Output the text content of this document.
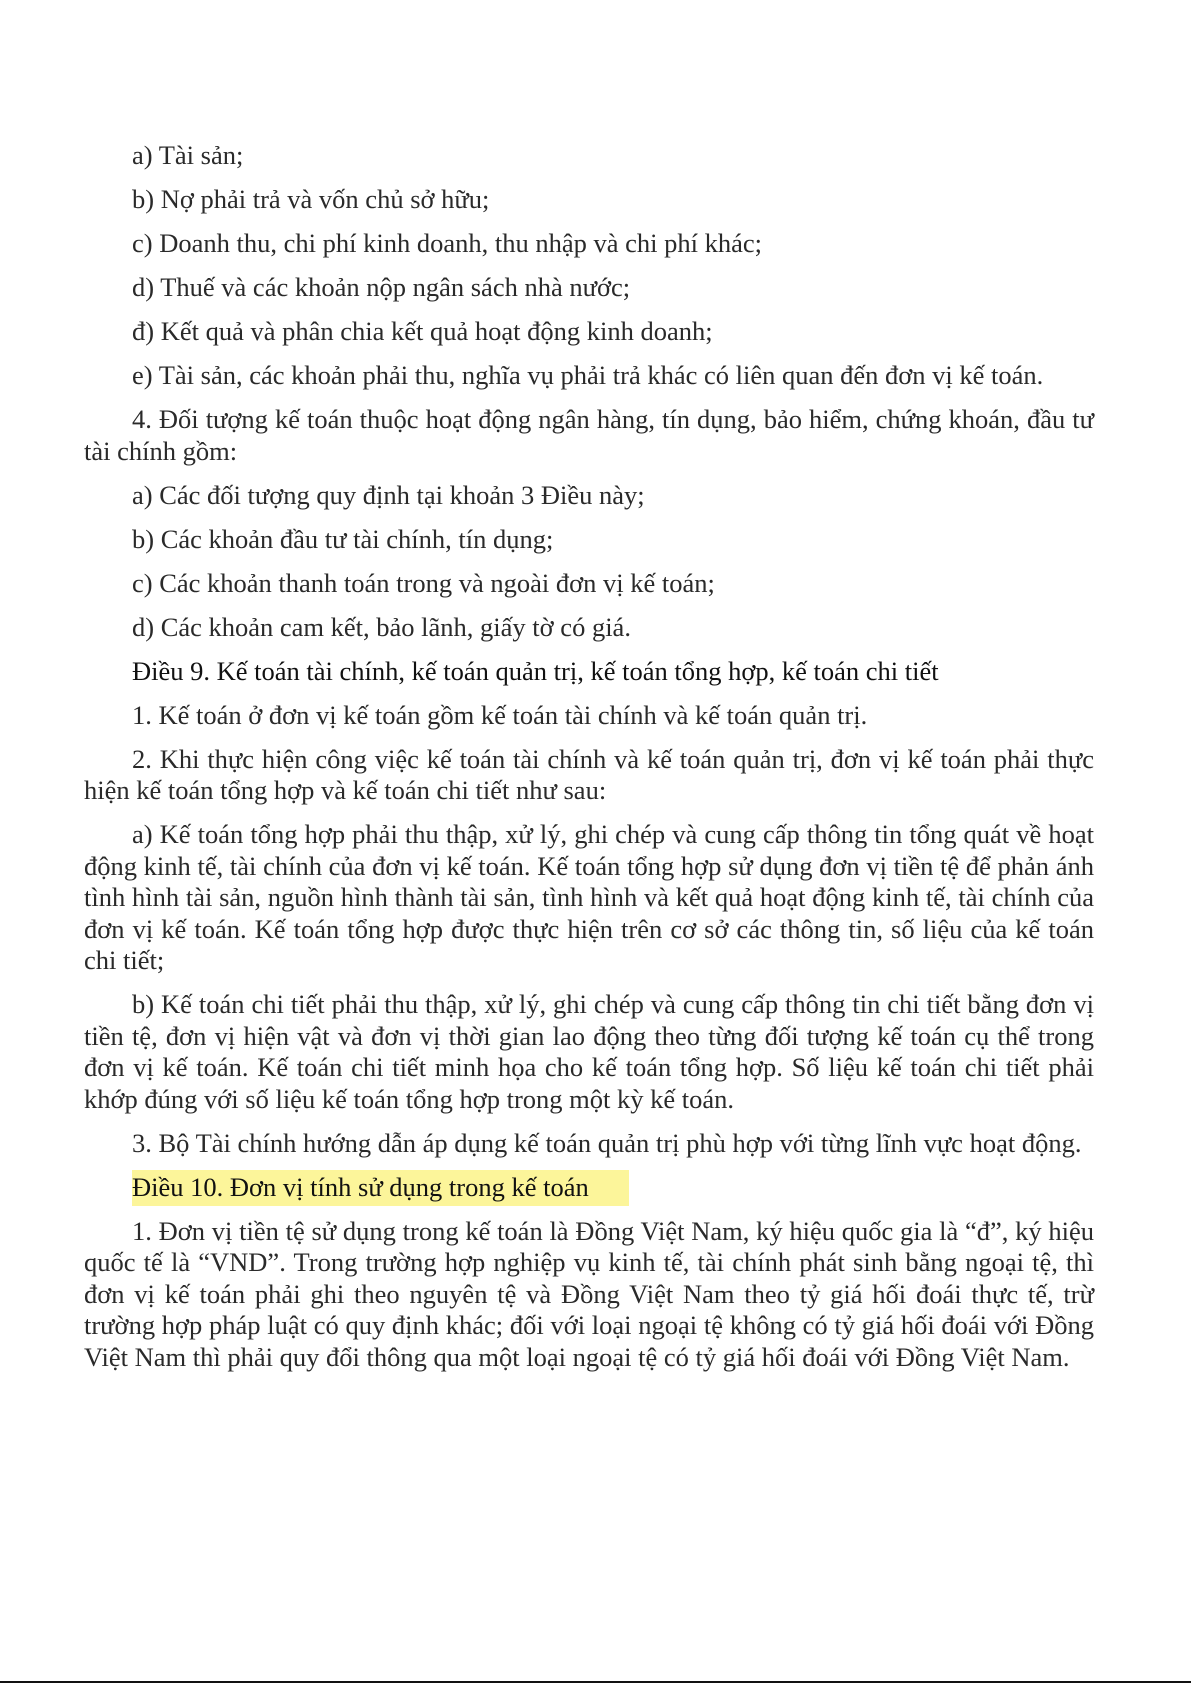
a) Tài sản;

b) Nợ phải trả và vốn chủ sở hữu;

c) Doanh thu, chi phí kinh doanh, thu nhập và chi phí khác;

d) Thuế và các khoản nộp ngân sách nhà nước;

đ) Kết quả và phân chia kết quả hoạt động kinh doanh;

e) Tài sản, các khoản phải thu, nghĩa vụ phải trả khác có liên quan đến đơn vị kế toán.

4. Đối tượng kế toán thuộc hoạt động ngân hàng, tín dụng, bảo hiểm, chứng khoán, đầu tư tài chính gồm:

a) Các đối tượng quy định tại khoản 3 Điều này;

b) Các khoản đầu tư tài chính, tín dụng;

c) Các khoản thanh toán trong và ngoài đơn vị kế toán;

d) Các khoản cam kết, bảo lãnh, giấy tờ có giá.

Điều 9. Kế toán tài chính, kế toán quản trị, kế toán tổng hợp, kế toán chi tiết

1. Kế toán ở đơn vị kế toán gồm kế toán tài chính và kế toán quản trị.

2. Khi thực hiện công việc kế toán tài chính và kế toán quản trị, đơn vị kế toán phải thực hiện kế toán tổng hợp và kế toán chi tiết như sau:

a) Kế toán tổng hợp phải thu thập, xử lý, ghi chép và cung cấp thông tin tổng quát về hoạt động kinh tế, tài chính của đơn vị kế toán. Kế toán tổng hợp sử dụng đơn vị tiền tệ để phản ánh tình hình tài sản, nguồn hình thành tài sản, tình hình và kết quả hoạt động kinh tế, tài chính của đơn vị kế toán. Kế toán tổng hợp được thực hiện trên cơ sở các thông tin, số liệu của kế toán chi tiết;

b) Kế toán chi tiết phải thu thập, xử lý, ghi chép và cung cấp thông tin chi tiết bằng đơn vị tiền tệ, đơn vị hiện vật và đơn vị thời gian lao động theo từng đối tượng kế toán cụ thể trong đơn vị kế toán. Kế toán chi tiết minh họa cho kế toán tổng hợp. Số liệu kế toán chi tiết phải khớp đúng với số liệu kế toán tổng hợp trong một kỳ kế toán.

3. Bộ Tài chính hướng dẫn áp dụng kế toán quản trị phù hợp với từng lĩnh vực hoạt động.

Điều 10. Đơn vị tính sử dụng trong kế toán

1. Đơn vị tiền tệ sử dụng trong kế toán là Đồng Việt Nam, ký hiệu quốc gia là “đ”, ký hiệu quốc tế là “VND”. Trong trường hợp nghiệp vụ kinh tế, tài chính phát sinh bằng ngoại tệ, thì đơn vị kế toán phải ghi theo nguyên tệ và Đồng Việt Nam theo tỷ giá hối đoái thực tế, trừ trường hợp pháp luật có quy định khác; đối với loại ngoại tệ không có tỷ giá hối đoái với Đồng Việt Nam thì phải quy đổi thông qua một loại ngoại tệ có tỷ giá hối đoái với Đồng Việt Nam.
